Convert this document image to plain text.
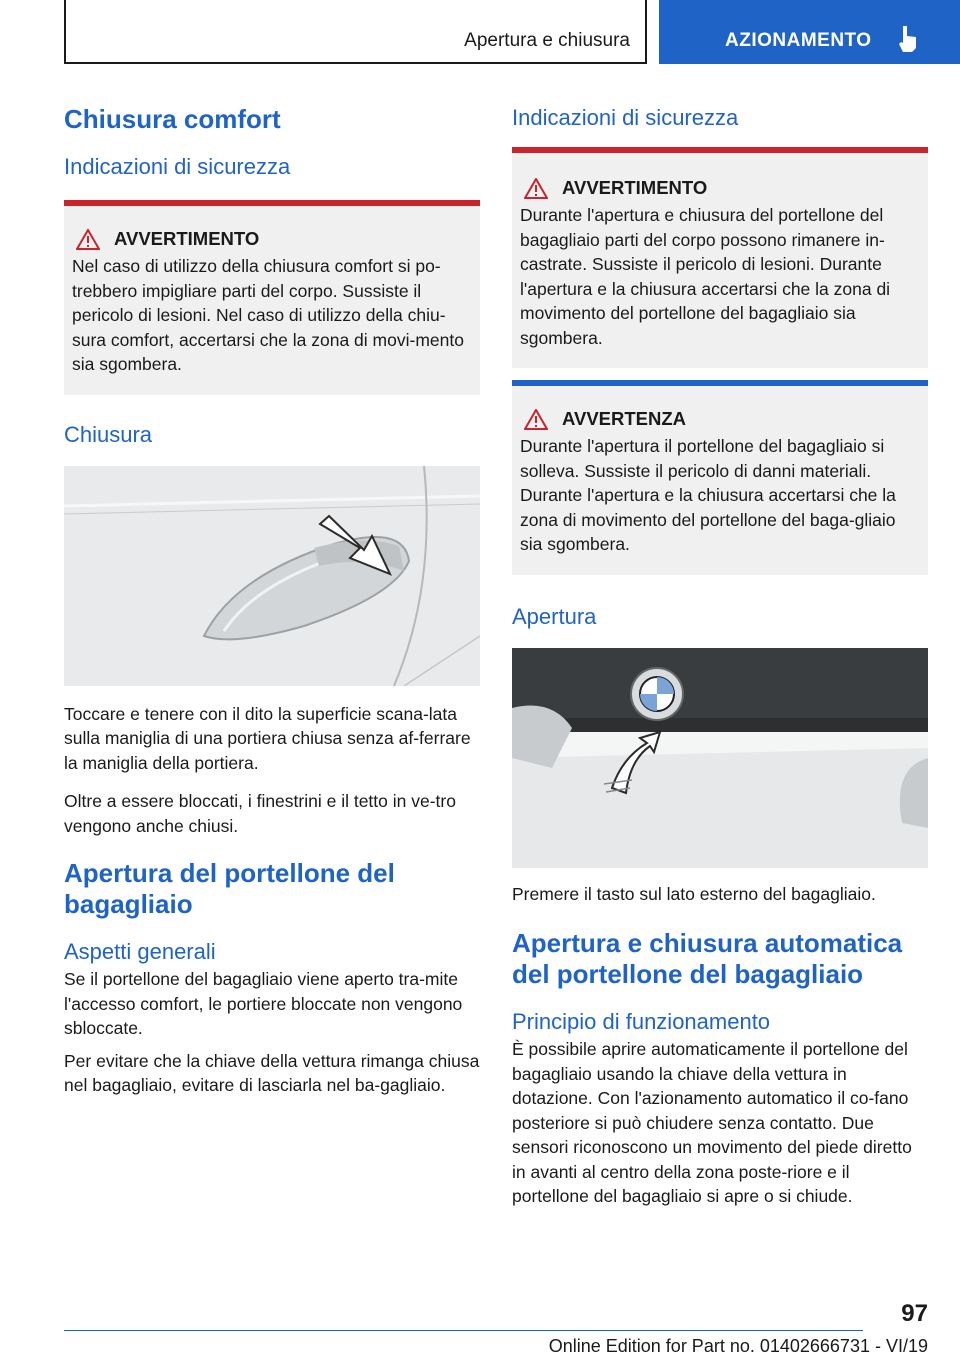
Apertura e chiusura	AZIONAMENTO
Chiusura comfort
Indicazioni di sicurezza
AVVERTIMENTO

Nel caso di utilizzo della chiusura comfort si po-trebbero impigliare parti del corpo. Sussiste il pericolo di lesioni. Nel caso di utilizzo della chiu-sura comfort, accertarsi che la zona di movi-mento sia sgombera.

Chiusura

Toccare e tenere con il dito la superficie scana-lata sulla maniglia di una portiera chiusa senza af-ferrare la maniglia della portiera.

Oltre a essere bloccati, i finestrini e il tetto in ve-tro vengono anche chiusi.

Apertura del portellone del bagagliaio
Aspetti generali

Se il portellone del bagagliaio viene aperto tra-mite l'accesso comfort, le portiere bloccate non vengono sbloccate.

Per evitare che la chiave della vettura rimanga chiusa nel bagagliaio, evitare di lasciarla nel ba-gagliaio.

Indicazioni di sicurezza
AVVERTIMENTO

Durante l'apertura e chiusura del portellone del bagagliaio parti del corpo possono rimanere in-castrate. Sussiste il pericolo di lesioni. Durante l'apertura e la chiusura accertarsi che la zona di movimento del portellone del bagagliaio sia sgombera.

AVVERTENZA

Durante l'apertura il portellone del bagagliaio si solleva. Sussiste il pericolo di danni materiali. Durante l'apertura e la chiusura accertarsi che la zona di movimento del portellone del baga-gliaio sia sgombera.

Apertura

Premere il tasto sul lato esterno del bagagliaio.

Apertura e chiusura automatica del portellone del bagagliaio
Principio di funzionamento

È possibile aprire automaticamente il portellone del bagagliaio usando la chiave della vettura in dotazione. Con l'azionamento automatico il co-fano posteriore si può chiudere senza contatto. Due sensori riconoscono un movimento del piede diretto in avanti al centro della zona poste-riore e il portellone del bagagliaio si apre o si chiude.

97
Online Edition for Part no. 01402666731 - VI/19
